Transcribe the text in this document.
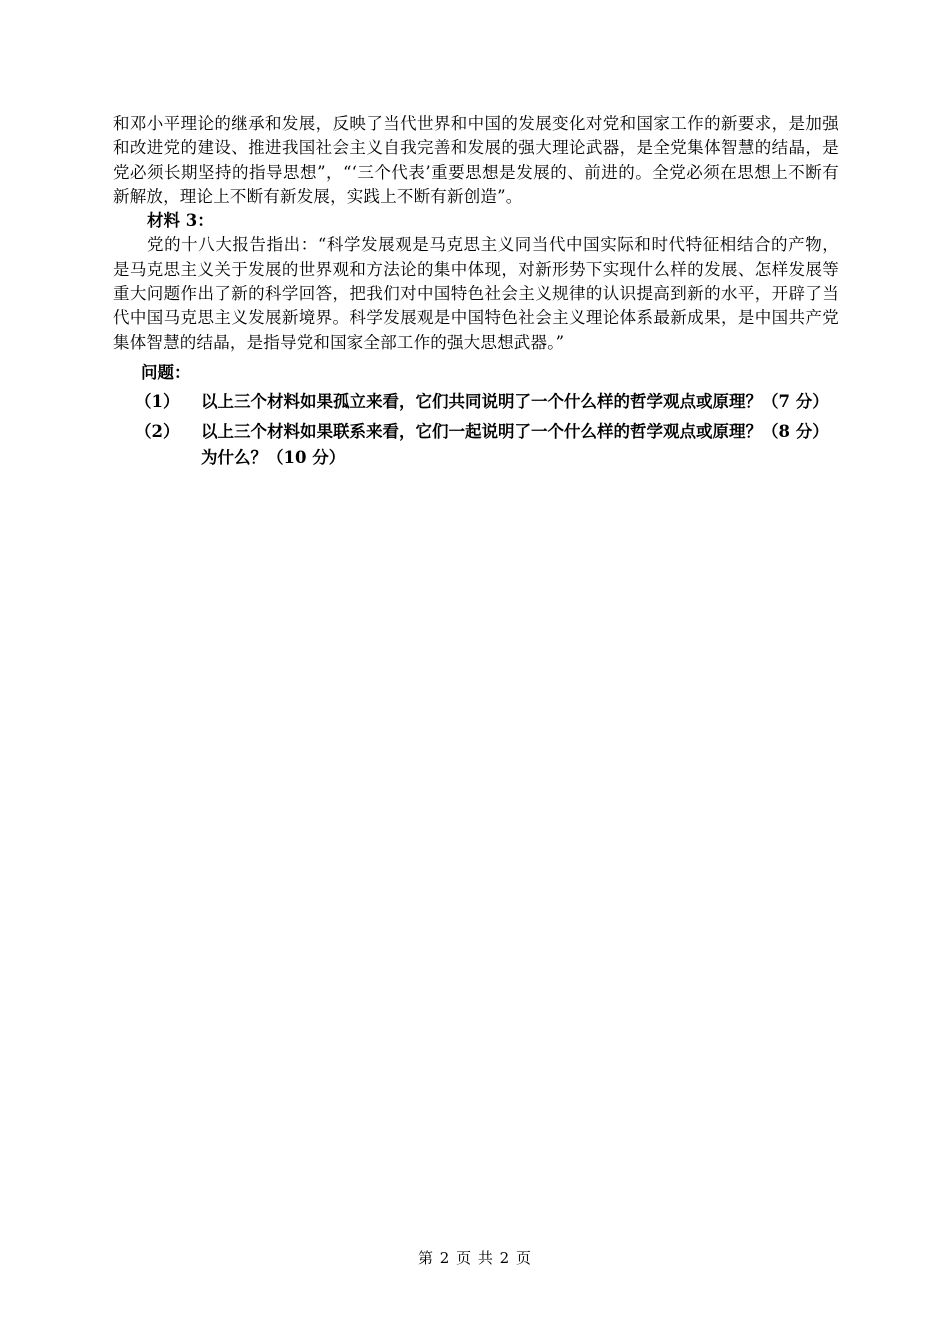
和邓小平理论的继承和发展，反映了当代世界和中国的发展变化对党和国家工作的新要求，是加强和改进党的建设、推进我国社会主义自我完善和发展的强大理论武器，是全党集体智慧的结晶，是党必须长期坚持的指导思想”，“‘三个代表’重要思想是发展的、前进的。全党必须在思想上不断有新解放，理论上不断有新发展，实践上不断有新创造”。

材料 3：

党的十八大报告指出：“科学发展观是马克思主义同当代中国实际和时代特征相结合的产物，是马克思主义关于发展的世界观和方法论的集中体现，对新形势下实现什么样的发展、怎样发展等重大问题作出了新的科学回答，把我们对中国特色社会主义规律的认识提高到新的水平，开辟了当代中国马克思主义发展新境界。科学发展观是中国特色社会主义理论体系最新成果，是中国共产党集体智慧的结晶，是指导党和国家全部工作的强大思想武器。”

问题：

（1）	以上三个材料如果孤立来看，它们共同说明了一个什么样的哲学观点或原理？（7 分）
（2）	以上三个材料如果联系来看，它们一起说明了一个什么样的哲学观点或原理？（8 分）为什么？（10 分）
第 2 页 共 2 页
